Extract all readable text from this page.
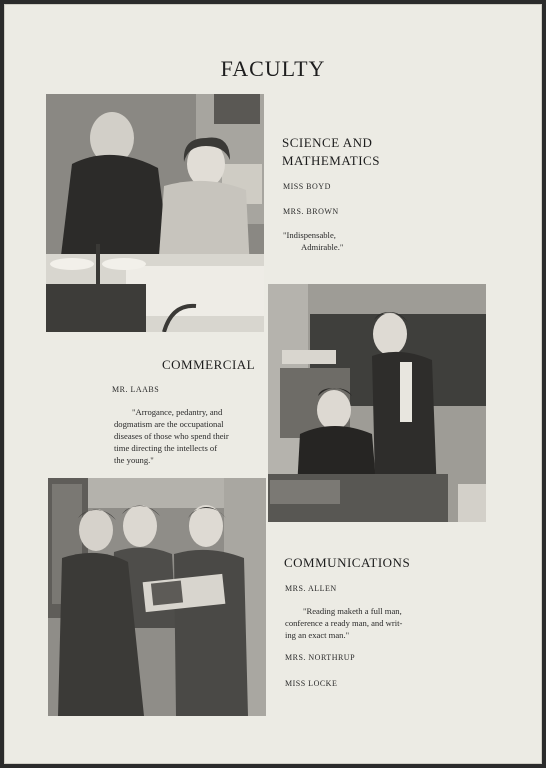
FACULTY
SCIENCE AND
MATHEMATICS
MISS BOYD
MRS. BROWN
"Indispensable,
Admirable."
COMMERCIAL
MR. LAABS
"Arrogance, pedantry, and
dogmatism are the occupational
diseases of those who spend their
time directing the intellects of
the young."
COMMUNICATIONS
MRS. ALLEN
"Reading maketh a full man,
conference a ready man, and writ-
ing an exact man."
MRS. NORTHRUP
MISS LOCKE
